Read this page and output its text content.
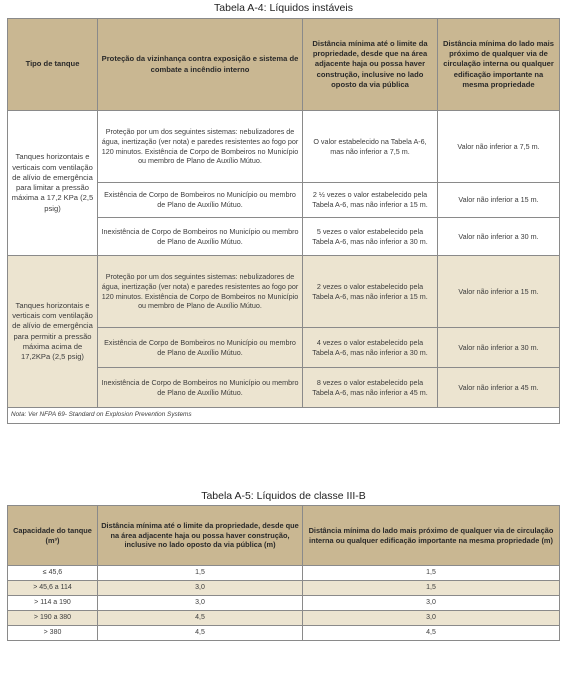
Tabela A-4: Líquidos instáveis
Tipo de tanque	Proteção da vizinhança contra exposição e sistema de combate a incêndio interno	Distância mínima até o limite da propriedade, desde que na área adjacente haja ou possa haver construção, inclusive no lado oposto da via pública	Distância mínima do lado mais próximo de qualquer via de circulação interna ou qualquer edificação importante na mesma propriedade
Tanques horizontais e verticais com ventilação de alívio de emergência para limitar a pressão máxima a 17,2 KPa (2,5 psig)	Proteção por um dos seguintes sistemas: nebulizadores de água, inertização (ver nota) e paredes resistentes ao fogo por 120 minutos. Existência de Corpo de Bombeiros no Município ou membro de Plano de Auxílio Mútuo.	O valor estabelecido na Tabela A-6, mas não inferior a 7,5 m.	Valor não inferior a 7,5 m.
	Existência de Corpo de Bombeiros no Município ou membro de Plano de Auxílio Mútuo.	2 ½ vezes o valor estabelecido pela Tabela A-6, mas não inferior a 15 m.	Valor não inferior a 15 m.
	Inexistência de Corpo de Bombeiros no Município ou membro de Plano de Auxílio Mútuo.	5 vezes o valor estabelecido pela Tabela A-6, mas não inferior a 30 m.	Valor não inferior a 30 m.
Tanques horizontais e verticais com ventilação de alívio de emergência para permitir a pressão máxima acima de 17,2KPa (2,5 psig)	Proteção por um dos seguintes sistemas: nebulizadores de água, inertização (ver nota) e paredes resistentes ao fogo por 120 minutos. Existência de Corpo de Bombeiros no Município ou membro de Plano de Auxílio Mútuo.	2 vezes o valor estabelecido pela Tabela A-6, mas não inferior a 15 m.	Valor não inferior a 15 m.
	Existência de Corpo de Bombeiros no Município ou membro de Plano de Auxílio Mútuo.	4 vezes o valor estabelecido pela Tabela A-6, mas não inferior a 30 m.	Valor não inferior a 30 m.
	Inexistência de Corpo de Bombeiros no Município ou membro de Plano de Auxílio Mútuo.	8 vezes o valor estabelecido pela Tabela A-6, mas não inferior a 45 m.	Valor não inferior a 45 m.
Nota: Ver NFPA 69- Standard on Explosion Prevention Systems			
Tabela A-5: Líquidos de classe III-B
Capacidade do tanque (m³)	Distância mínima até o limite da propriedade, desde que na área adjacente haja ou possa haver construção, inclusive no lado oposto da via pública (m)	Distância mínima do lado mais próximo de qualquer via de circulação interna ou qualquer edificação importante na mesma propriedade (m)
≤ 45,6	1,5	1,5
> 45,6 a 114	3,0	1,5
> 114 a 190	3,0	3,0
> 190 a 380	4,5	3,0
> 380	4,5	4,5
